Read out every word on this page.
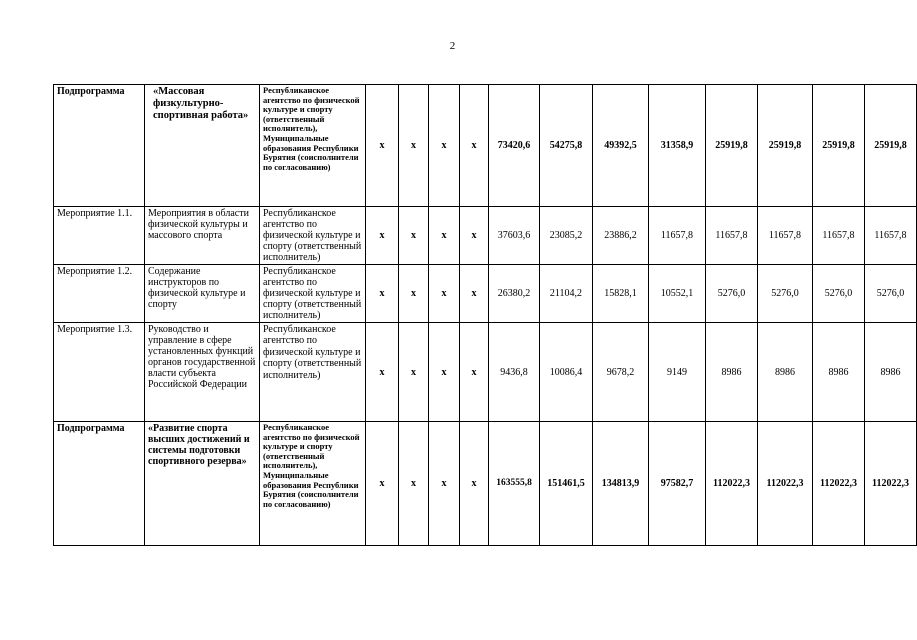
2
Подпрограмма	«Массовая физкультурно-спортивная работа»	Республиканское агентство по физической культуре и спорту (ответственный исполнитель), Муниципальные образования Республики Бурятия (соисполнители по согласованию)	x	x	x	x	73420,6	54275,8	49392,5	31358,9	25919,8	25919,8	25919,8	25919,8
Мероприятие 1.1.	Мероприятия в области физической культуры и массового спорта	Республиканское агентство по физической культуре и спорту (ответственный исполнитель)	x	x	x	x	37603,6	23085,2	23886,2	11657,8	11657,8	11657,8	11657,8	11657,8
Мероприятие 1.2.	Содержание инструкторов по физической культуре и спорту	Республиканское агентство по физической культуре и спорту (ответственный исполнитель)	x	x	x	x	26380,2	21104,2	15828,1	10552,1	5276,0	5276,0	5276,0	5276,0
Мероприятие 1.3.	Руководство и управление в сфере установленных функций органов государственной власти субъекта Российской Федерации	Республиканское агентство по физической культуре и спорту (ответственный исполнитель)	x	x	x	x	9436,8	10086,4	9678,2	9149	8986	8986	8986	8986
Подпрограмма	«Развитие спорта высших достижений и системы подготовки спортивного резерва»	Республиканское агентство по физической культуре и спорту (ответственный исполнитель), Муниципальные образования Республики Бурятия (соисполнители по согласованию)	x	x	x	x	163555,8	151461,5	134813,9	97582,7	112022,3	112022,3	112022,3	112022,3
